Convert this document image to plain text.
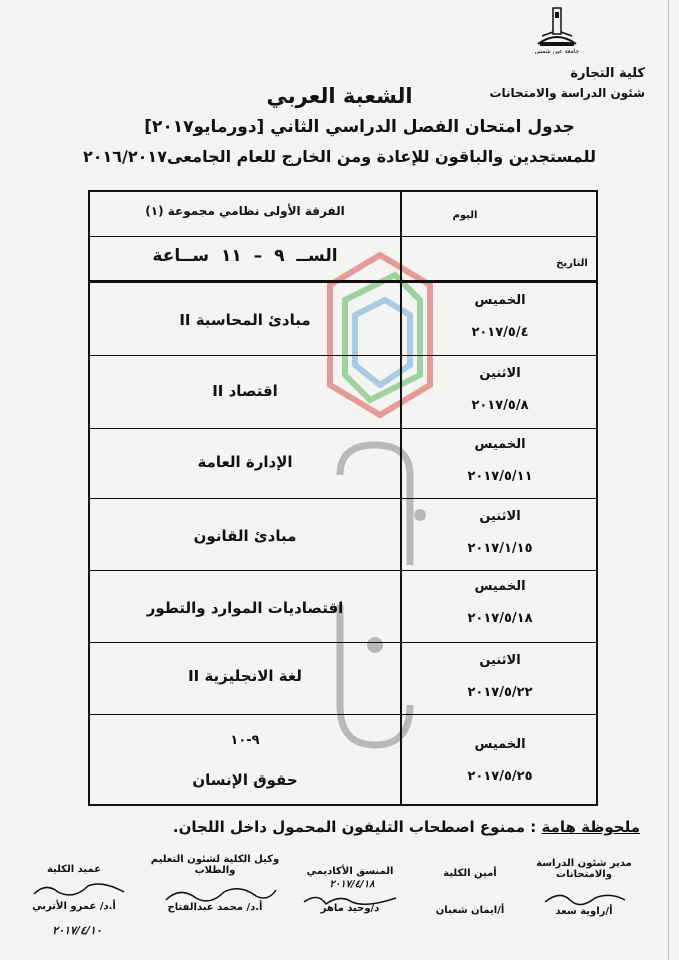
جامعة عين شمس
كلية التجارة
شئون الدراسة والامتحانات
الشعبة العربي
جدول امتحان الفصل الدراسي الثاني [دورمايو٢٠١٧]
للمستجدين والباقون للإعادة ومن الخارج للعام الجامعى٢٠١٦/٢٠١٧
اليوم
التاريخ
الفرقة الأولى نظامي مجموعة (١)
الســ ٩ – ١١ ســاعة
الخميس
٢٠١٧/٥/٤
مبادئ المحاسبة II
الاثنين
٢٠١٧/٥/٨
اقتصاد II
الخميس
٢٠١٧/٥/١١
الإدارة العامة
الاثنين
٢٠١٧/١/١٥
مبادئ القانون
الخميس
٢٠١٧/٥/١٨
اقتصاديات الموارد والتطور
الاثنين
٢٠١٧/٥/٢٢
لغة الانجليزية II
الخميس
٢٠١٧/٥/٢٥
٩-١٠
حقوق الإنسان
ملحوظة هامة : ممنوع اصطحاب التليفون المحمول داخل اللجان.
مدير شئون الدراسة والامتحانات
أ/راوية سعد
أمين الكلية
أ/ايمان شعبان
المنسق الأكاديمي
د/وحيد ماهر
وكيل الكلية لشئون التعليم والطلاب
أ.د/ محمد عبدالفتاح
عميد الكلية
أ.د/ عمرو الأتربي
٢٠١٧/٤/١٨
٢٠١٧/٤/١٠
